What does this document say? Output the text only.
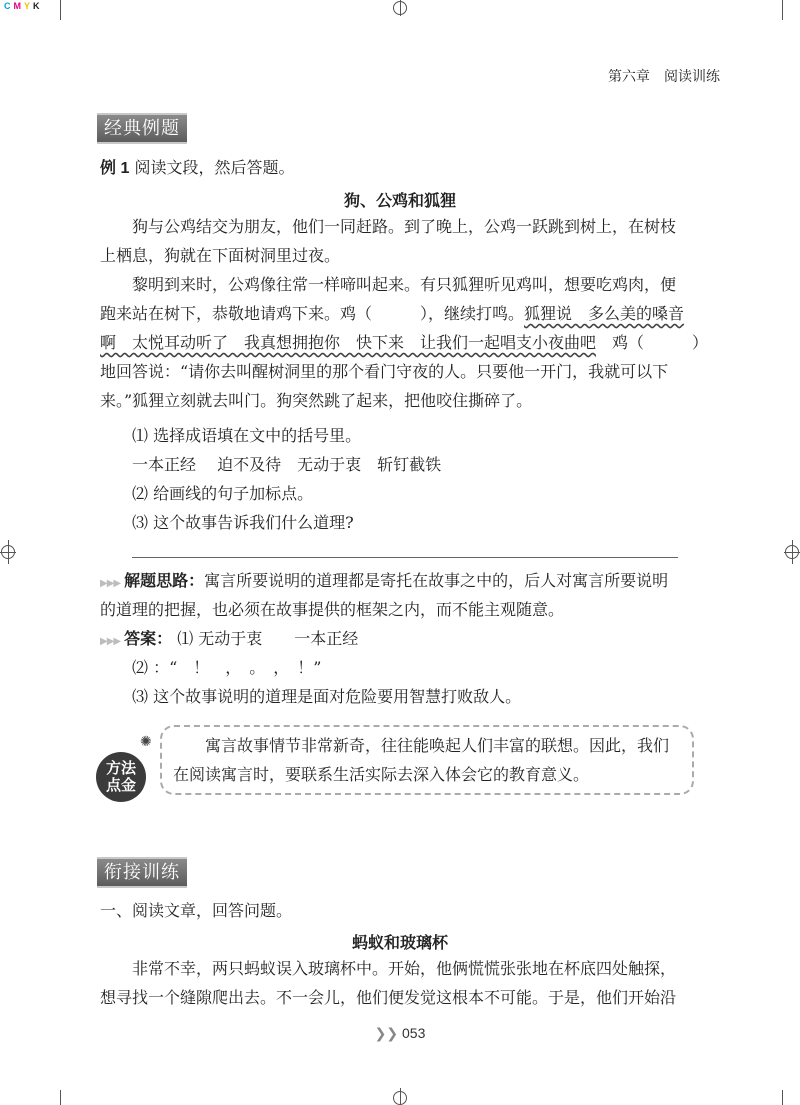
C M Y K
第六章　阅读训练
经典例题
例 1 阅读文段，然后答题。
狗、公鸡和狐狸
狗与公鸡结交为朋友，他们一同赶路。到了晚上，公鸡一跃跳到树上，在树枝
上栖息，狗就在下面树洞里过夜。
黎明到来时，公鸡像往常一样啼叫起来。有只狐狸听见鸡叫，想要吃鸡肉，便
跑来站在树下，恭敬地请鸡下来。鸡（　　　），继续打鸣。狐狸说　多么美的嗓音
啊　太悦耳动听了　我真想拥抱你　快下来　让我们一起唱支小夜曲吧　鸡（　　　）
地回答说：“请你去叫醒树洞里的那个看门守夜的人。只要他一开门，我就可以下
来。”狐狸立刻就去叫门。狗突然跳了起来，把他咬住撕碎了。
⑴ 选择成语填在文中的括号里。
一本正经　 迫不及待　无动于衷　斩钉截铁
⑵ 给画线的句子加标点。
⑶ 这个故事告诉我们什么道理?
▶▶▶ 解题思路：寓言所要说明的道理都是寄托在故事之中的，后人对寓言所要说明
的道理的把握，也必须在故事提供的框架之内，而不能主观随意。
▶▶▶ 答案： ⑴ 无动于衷　　一本正经
⑵ ：“　！　，　。　，　！”
⑶ 这个故事说明的道理是面对危险要用智慧打败敌人。
　　寓言故事情节非常新奇，往往能唤起人们丰富的联想。因此，我们
在阅读寓言时，要联系生活实际去深入体会它的教育意义。
方法
点金
✺
衔接训练
一、阅读文章，回答问题。
蚂蚁和玻璃杯
非常不幸，两只蚂蚁误入玻璃杯中。开始，他俩慌慌张张地在杯底四处触探，
想寻找一个缝隙爬出去。不一会儿，他们便发觉这根本不可能。于是，他们开始沿
❯❯ 053
